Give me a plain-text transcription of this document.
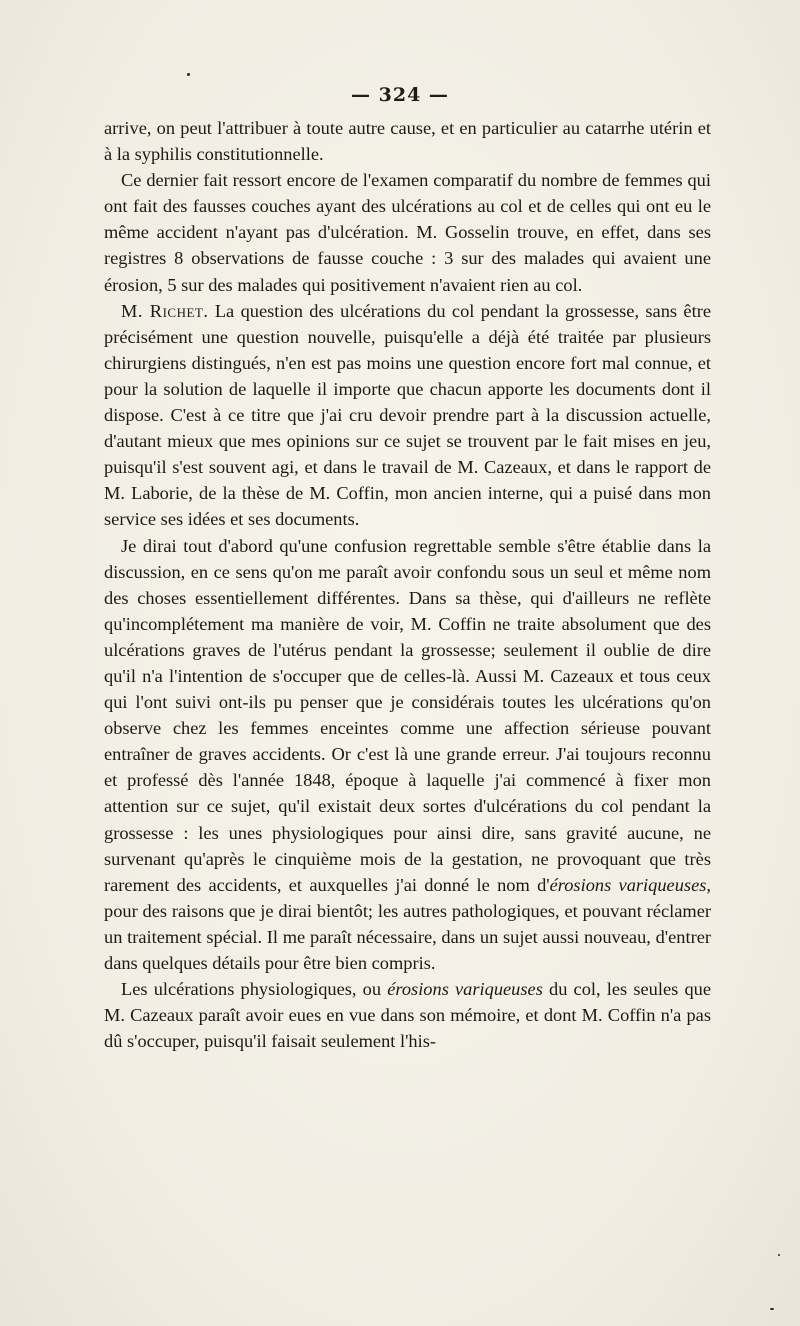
— 324 —

arrive, on peut l'attribuer à toute autre cause, et en particulier au catarrhe utérin et à la syphilis constitutionnelle.

Ce dernier fait ressort encore de l'examen comparatif du nombre de femmes qui ont fait des fausses couches ayant des ulcérations au col et de celles qui ont eu le même accident n'ayant pas d'ulcération. M. Gosselin trouve, en effet, dans ses registres 8 observations de fausse couche : 3 sur des malades qui avaient une érosion, 5 sur des malades qui positivement n'avaient rien au col.

M. Richet. La question des ulcérations du col pendant la grossesse, sans être précisément une question nouvelle, puisqu'elle a déjà été traitée par plusieurs chirurgiens distingués, n'en est pas moins une question encore fort mal connue, et pour la solution de laquelle il importe que chacun apporte les documents dont il dispose. C'est à ce titre que j'ai cru devoir prendre part à la discussion actuelle, d'autant mieux que mes opinions sur ce sujet se trouvent par le fait mises en jeu, puisqu'il s'est souvent agi, et dans le travail de M. Cazeaux, et dans le rapport de M. Laborie, de la thèse de M. Coffin, mon ancien interne, qui a puisé dans mon service ses idées et ses documents.

Je dirai tout d'abord qu'une confusion regrettable semble s'être établie dans la discussion, en ce sens qu'on me paraît avoir confondu sous un seul et même nom des choses essentiellement différentes. Dans sa thèse, qui d'ailleurs ne reflète qu'incomplétement ma manière de voir, M. Coffin ne traite absolument que des ulcérations graves de l'utérus pendant la grossesse; seulement il oublie de dire qu'il n'a l'intention de s'occuper que de celles-là. Aussi M. Cazeaux et tous ceux qui l'ont suivi ont-ils pu penser que je considérais toutes les ulcérations qu'on observe chez les femmes enceintes comme une affection sérieuse pouvant entraîner de graves accidents. Or c'est là une grande erreur. J'ai toujours reconnu et professé dès l'année 1848, époque à laquelle j'ai commencé à fixer mon attention sur ce sujet, qu'il existait deux sortes d'ulcérations du col pendant la grossesse : les unes physiologiques pour ainsi dire, sans gravité aucune, ne survenant qu'après le cinquième mois de la gestation, ne provoquant que très rarement des accidents, et auxquelles j'ai donné le nom d'érosions variqueuses, pour des raisons que je dirai bientôt; les autres pathologiques, et pouvant réclamer un traitement spécial. Il me paraît nécessaire, dans un sujet aussi nouveau, d'entrer dans quelques détails pour être bien compris.

Les ulcérations physiologiques, ou érosions variqueuses du col, les seules que M. Cazeaux paraît avoir eues en vue dans son mémoire, et dont M. Coffin n'a pas dû s'occuper, puisqu'il faisait seulement l'his-
